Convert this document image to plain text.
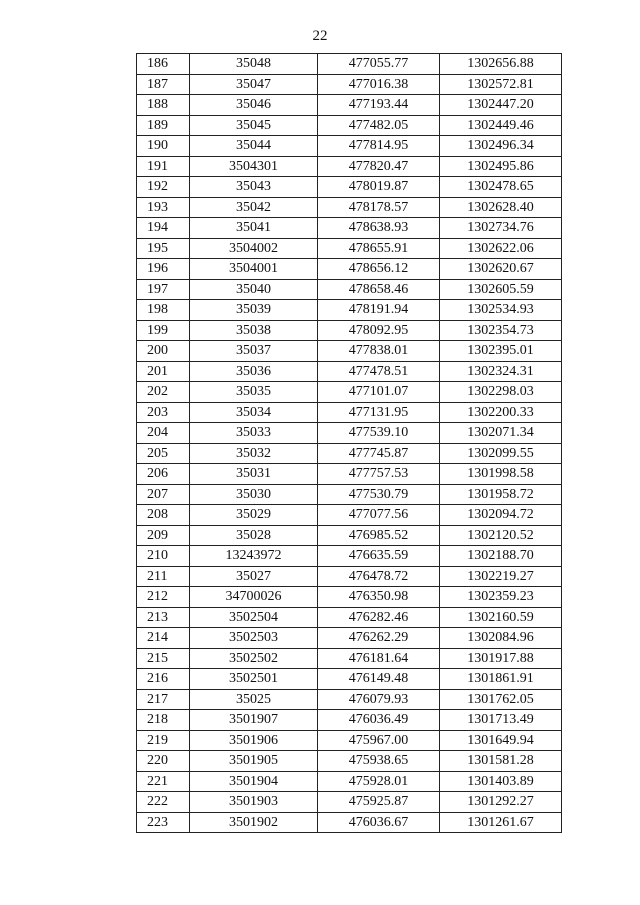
22
186	35048	477055.77	1302656.88
187	35047	477016.38	1302572.81
188	35046	477193.44	1302447.20
189	35045	477482.05	1302449.46
190	35044	477814.95	1302496.34
191	3504301	477820.47	1302495.86
192	35043	478019.87	1302478.65
193	35042	478178.57	1302628.40
194	35041	478638.93	1302734.76
195	3504002	478655.91	1302622.06
196	3504001	478656.12	1302620.67
197	35040	478658.46	1302605.59
198	35039	478191.94	1302534.93
199	35038	478092.95	1302354.73
200	35037	477838.01	1302395.01
201	35036	477478.51	1302324.31
202	35035	477101.07	1302298.03
203	35034	477131.95	1302200.33
204	35033	477539.10	1302071.34
205	35032	477745.87	1302099.55
206	35031	477757.53	1301998.58
207	35030	477530.79	1301958.72
208	35029	477077.56	1302094.72
209	35028	476985.52	1302120.52
210	13243972	476635.59	1302188.70
211	35027	476478.72	1302219.27
212	34700026	476350.98	1302359.23
213	3502504	476282.46	1302160.59
214	3502503	476262.29	1302084.96
215	3502502	476181.64	1301917.88
216	3502501	476149.48	1301861.91
217	35025	476079.93	1301762.05
218	3501907	476036.49	1301713.49
219	3501906	475967.00	1301649.94
220	3501905	475938.65	1301581.28
221	3501904	475928.01	1301403.89
222	3501903	475925.87	1301292.27
223	3501902	476036.67	1301261.67
